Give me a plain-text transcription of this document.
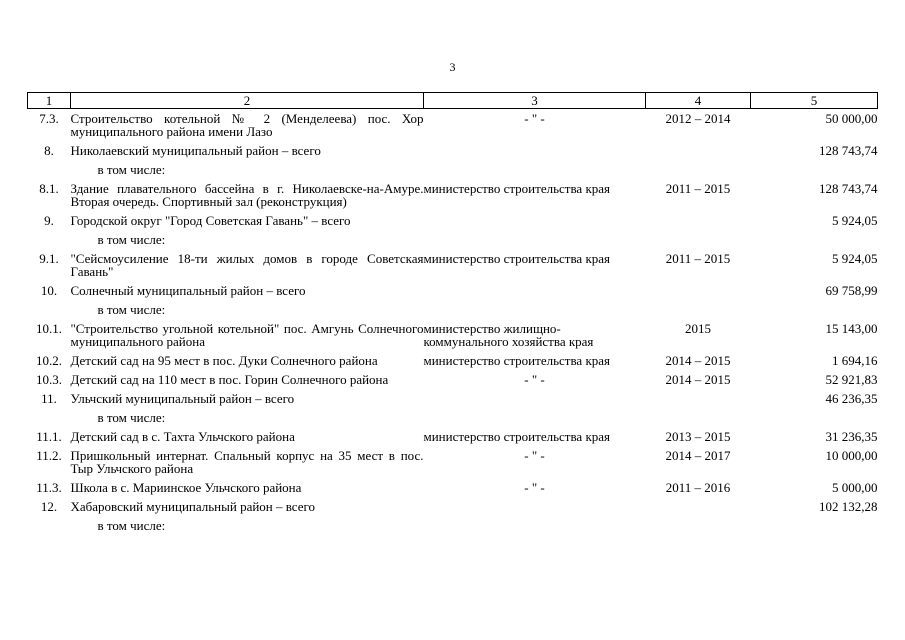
3
1	2	3	4	5
7.3.	Строительство котельной № 2 (Менделеева) пос. Хор муниципального района имени Лазо	- " -	2012 – 2014	50 000,00
8.	Николаевский муниципальный район – всего			128 743,74
	в том числе:			
8.1.	Здание плавательного бассейна в г. Николаевске-на-Амуре. Вторая очередь. Спортивный зал (реконструкция)	министерство строительства края	2011 – 2015	128 743,74
9.	Городской округ "Город Советская Гавань" – всего			5 924,05
	в том числе:			
9.1.	"Сейсмоусиление 18-ти жилых домов в городе Советская Гавань"	министерство строительства края	2011 – 2015	5 924,05
10.	Солнечный муниципальный район – всего			69 758,99
	в том числе:			
10.1.	"Строительство угольной котельной" пос. Амгунь Солнечного муниципального района	министерство жилищно-коммунального хозяйства края	2015	15 143,00
10.2.	Детский сад на 95 мест в пос. Дуки Солнечного района	министерство строительства края	2014 – 2015	1 694,16
10.3.	Детский сад на 110 мест в пос. Горин Солнечного района	- " -	2014 – 2015	52 921,83
11.	Ульчский муниципальный район – всего			46 236,35
	в том числе:			
11.1.	Детский сад в с. Тахта Ульчского района	министерство строительства края	2013 – 2015	31 236,35
11.2.	Пришкольный интернат. Спальный корпус на 35 мест в пос. Тыр Ульчского района	- " -	2014 – 2017	10 000,00
11.3.	Школа в с. Мариинское Ульчского района	- " -	2011 – 2016	5 000,00
12.	Хабаровский муниципальный район – всего			102 132,28
	в том числе:			
